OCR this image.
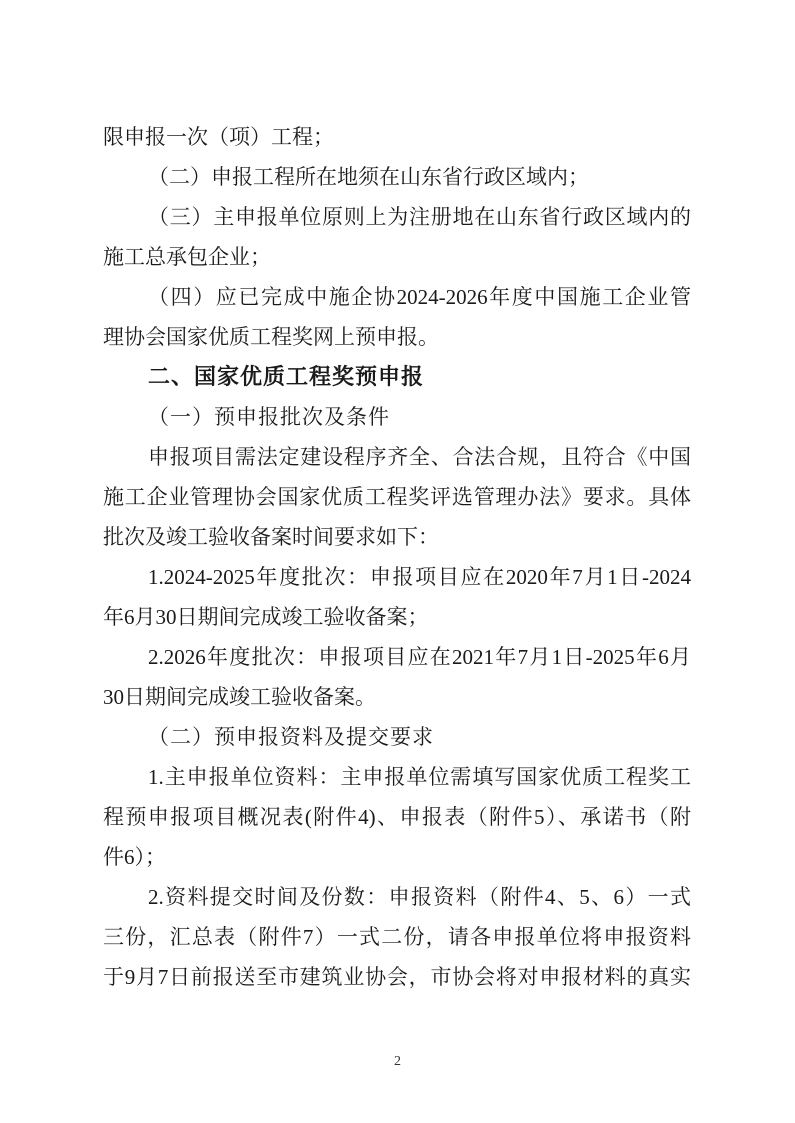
限申报一次（项）工程；
（二）申报工程所在地须在山东省行政区域内；
（三）主申报单位原则上为注册地在山东省行政区域内的
施工总承包企业；
（四）应已完成中施企协2024-2026年度中国施工企业管
理协会国家优质工程奖网上预申报。
二、国家优质工程奖预申报
（一）预申报批次及条件
申报项目需法定建设程序齐全、合法合规，且符合《中国
施工企业管理协会国家优质工程奖评选管理办法》要求。具体
批次及竣工验收备案时间要求如下：
1.2024-2025年度批次：申报项目应在2020年7月1日-2024
年6月30日期间完成竣工验收备案；
2.2026年度批次：申报项目应在2021年7月1日-2025年6月
30日期间完成竣工验收备案。
（二）预申报资料及提交要求
1.主申报单位资料：主申报单位需填写国家优质工程奖工
程预申报项目概况表(附件4)、申报表（附件5）、承诺书（附
件6）；
2.资料提交时间及份数：申报资料（附件4、5、6）一式
三份，汇总表（附件7）一式二份，请各申报单位将申报资料
于9月7日前报送至市建筑业协会，市协会将对申报材料的真实
2
